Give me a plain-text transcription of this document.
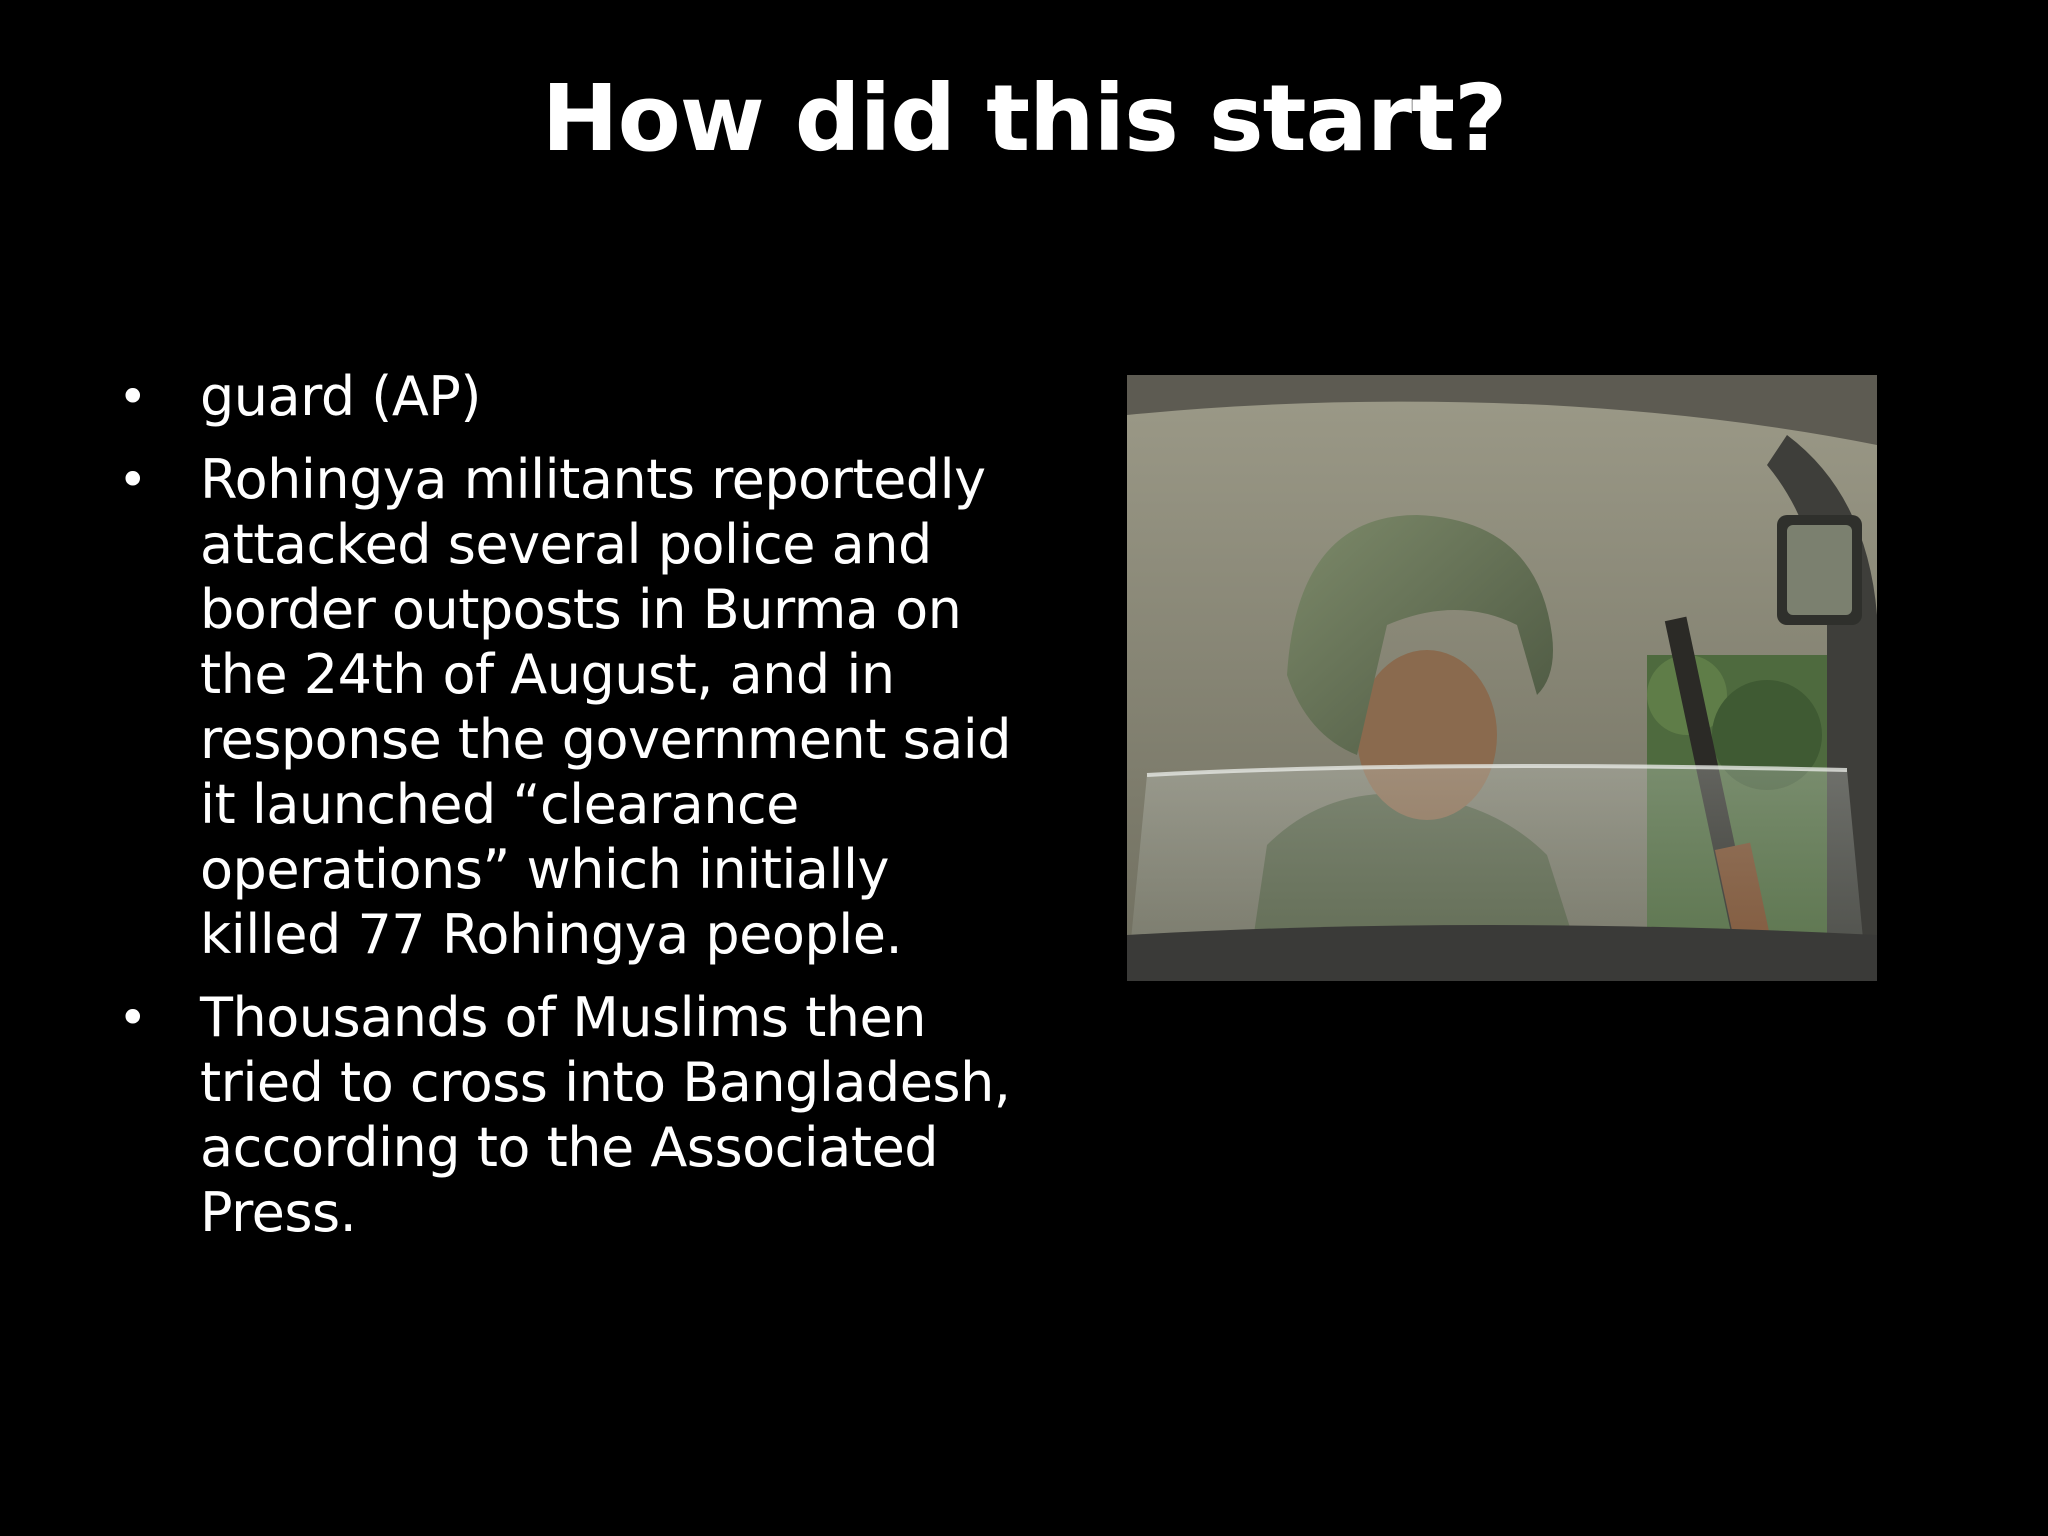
How did this start?
• guard (AP)
• Rohingya militants reportedly attacked several police and border outposts in Burma on the 24th of August, and in response the government said it launched “clearance operations” which initially killed 77 Rohingya people.
• Thousands of Muslims then tried to cross into Bangladesh, according to the Associated Press.
